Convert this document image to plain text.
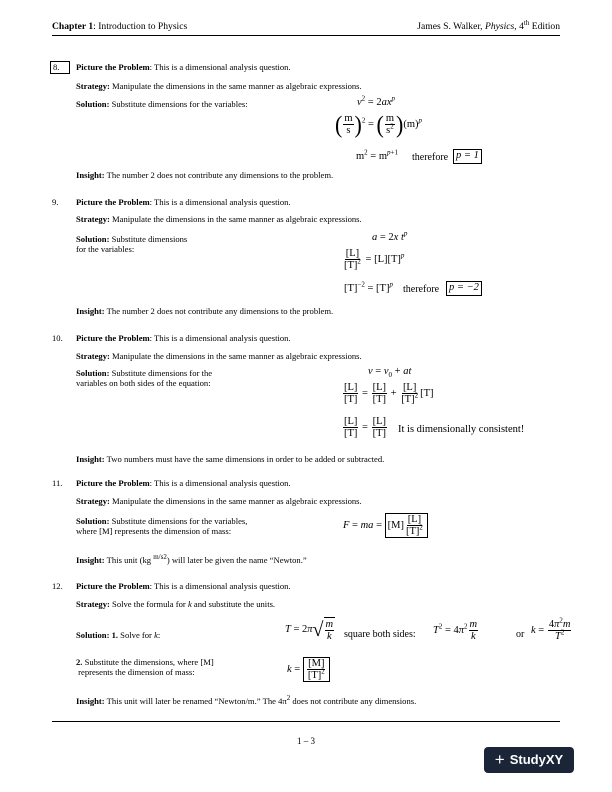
Chapter 1: Introduction to Physics	James S. Walker, Physics, 4th Edition
8.	Picture the Problem: This is a dimensional analysis question.
Strategy: Manipulate the dimensions in the same manner as algebraic expressions.
Solution: Substitute dimensions for the variables:	$v^2 = 2ax^p$
( $\frac{m}{s} )^2$ = ( $\frac{m}{s^2} )(m)^p$
$m^2 = m^{p+1}$ therefore p = 1
Insight: The number 2 does not contribute any dimensions to the problem.
9.	Picture the Problem: This is a dimensional analysis question.
Strategy: Manipulate the dimensions in the same manner as algebraic expressions.
Solution: Substitute dimensions
for the variables:
a = 2x $t^p$
$\frac{[L]}{[T]^2} = [L][T]^p$
$[T]^{-2} = [T]^p$ therefore p = −2
Insight: The number 2 does not contribute any dimensions to the problem.
10.	Picture the Problem: This is a dimensional analysis question.
Strategy: Manipulate the dimensions in the same manner as algebraic expressions.
Solution: Substitute dimensions for the
variables on both sides of the equation:
$v = v_0$ + at
$\frac{[L]}{[T]} = \frac{[L]}{[T]} + \frac{[L]}{[T]^2} [T]$
$\frac{[L]}{[T]} = \frac{[L]}{[T]}$ It is dimensionally consistent!
Insight: Two numbers must have the same dimensions in order to be added or subtracted.
11.	Picture the Problem: This is a dimensional analysis question.
Strategy: Manipulate the dimensions in the same manner as algebraic expressions.
Solution: Substitute dimensions for the variables,
where [M] represents the dimension of mass:
F = ma = $[M] \frac{[L]}{[T]^2}$
Insight: This unit (kg $^{m/s2}$) will later be given the name “Newton.”
12.	Picture the Problem: This is a dimensional analysis question.
Strategy: Solve the formula for k and substitute the units.
Solution: 1. Solve for k:
T = 2π √ $\frac{m}{k}$ square both sides: $T^2 = 4\pi^2 \frac{m}{k}$	or $k = \frac{4\pi^2m}{T^2}$
2. Substitute the dimensions, where [M]
represents the dimension of mass:	$k = \frac{[M]}{[T]^2}$
Insight: This unit will later be renamed “Newton/m.” The $4\pi^2$ does not contribute any dimensions.
1 – 3
+ StudyXY
